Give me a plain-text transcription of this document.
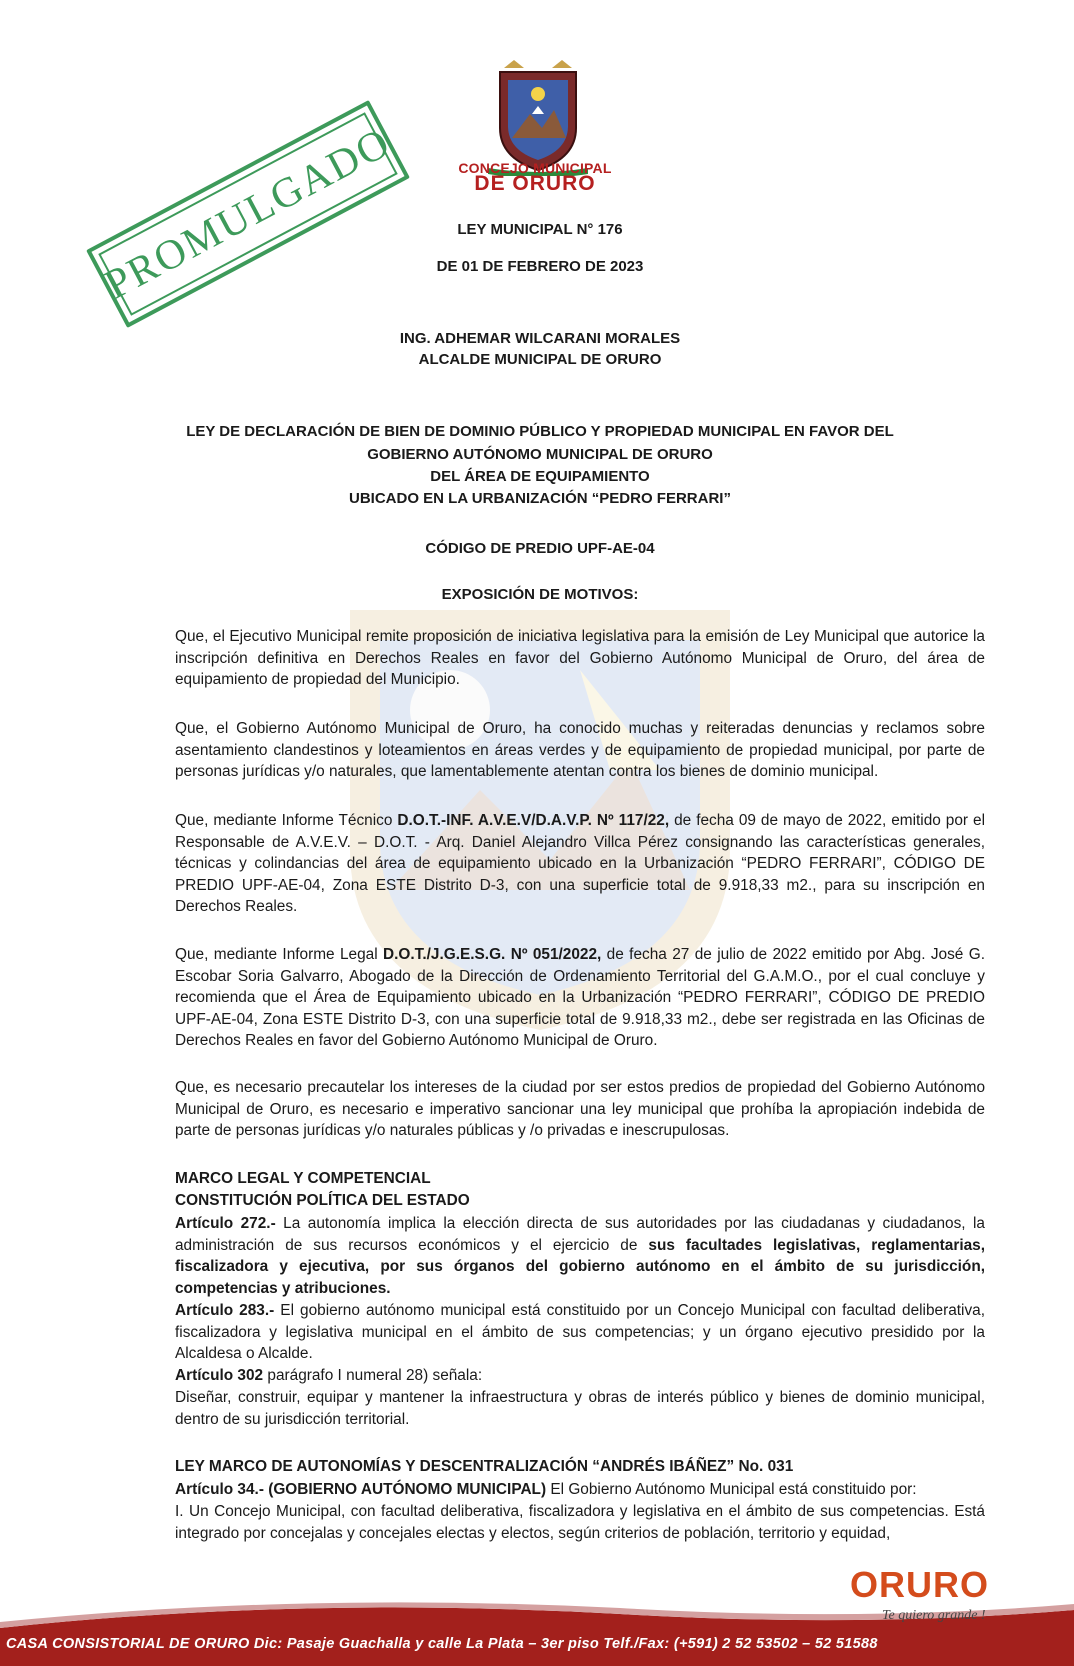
CONCEJO MUNICIPAL
DE ORURO
PROMULGADO	LEY MUNICIPAL N° 176
DE 01 DE FEBRERO DE 2023
ING. ADHEMAR WILCARANI MORALES
ALCALDE MUNICIPAL DE ORURO
LEY DE DECLARACIÓN DE BIEN DE DOMINIO PÚBLICO Y PROPIEDAD MUNICIPAL EN FAVOR DEL
GOBIERNO AUTÓNOMO MUNICIPAL DE ORURO
DEL ÁREA DE EQUIPAMIENTO
UBICADO EN LA URBANIZACIÓN “PEDRO FERRARI”
CÓDIGO DE PREDIO UPF-AE-04
EXPOSICIÓN DE MOTIVOS:
Que, el Ejecutivo Municipal remite proposición de iniciativa legislativa para la emisión de Ley Municipal que autorice la inscripción definitiva en Derechos Reales en favor del Gobierno Autónomo Municipal de Oruro, del área de equipamiento de propiedad del Municipio.
Que, el Gobierno Autónomo Municipal de Oruro, ha conocido muchas y reiteradas denuncias y reclamos sobre asentamiento clandestinos y loteamientos en áreas verdes y de equipamiento de propiedad municipal, por parte de personas jurídicas y/o naturales, que lamentablemente atentan contra los bienes de dominio municipal.
Que, mediante Informe Técnico D.O.T.-INF. A.V.E.V/D.A.V.P. Nº 117/22, de fecha 09 de mayo de 2022, emitido por el Responsable de A.V.E.V. – D.O.T. - Arq. Daniel Alejandro Villca Pérez consignando las características generales, técnicas y colindancias del área de equipamiento ubicado en la Urbanización “PEDRO FERRARI”, CÓDIGO DE PREDIO UPF-AE-04, Zona ESTE Distrito D-3, con una superficie total de 9.918,33 m2., para su inscripción en Derechos Reales.
Que, mediante Informe Legal D.O.T./J.G.E.S.G. Nº 051/2022, de fecha 27 de julio de 2022 emitido por Abg. José G. Escobar Soria Galvarro, Abogado de la Dirección de Ordenamiento Territorial del G.A.M.O., por el cual concluye y recomienda que el Área de Equipamiento ubicado en la Urbanización “PEDRO FERRARI”, CÓDIGO DE PREDIO UPF-AE-04, Zona ESTE Distrito D-3, con una superficie total de 9.918,33 m2., debe ser registrada en las Oficinas de Derechos Reales en favor del Gobierno Autónomo Municipal de Oruro.
Que, es necesario precautelar los intereses de la ciudad por ser estos predios de propiedad del Gobierno Autónomo Municipal de Oruro, es necesario e imperativo sancionar una ley municipal que prohíba la apropiación indebida de parte de personas jurídicas y/o naturales públicas y /o privadas e inescrupulosas.
MARCO LEGAL Y COMPETENCIAL
CONSTITUCIÓN POLÍTICA DEL ESTADO
Artículo 272.- La autonomía implica la elección directa de sus autoridades por las ciudadanas y ciudadanos, la administración de sus recursos económicos y el ejercicio de sus facultades legislativas, reglamentarias, fiscalizadora y ejecutiva, por sus órganos del gobierno autónomo en el ámbito de su jurisdicción, competencias y atribuciones.
Artículo 283.- El gobierno autónomo municipal está constituido por un Concejo Municipal con facultad deliberativa, fiscalizadora y legislativa municipal en el ámbito de sus competencias; y un órgano ejecutivo presidido por la Alcaldesa o Alcalde.
Artículo 302 parágrafo I numeral 28) señala:
Diseñar, construir, equipar y mantener la infraestructura y obras de interés público y bienes de dominio municipal, dentro de su jurisdicción territorial.
LEY MARCO DE AUTONOMÍAS Y DESCENTRALIZACIÓN “ANDRÉS IBÁÑEZ” No. 031
Artículo 34.- (GOBIERNO AUTÓNOMO MUNICIPAL) El Gobierno Autónomo Municipal está constituido por:
I. Un Concejo Municipal, con facultad deliberativa, fiscalizadora y legislativa en el ámbito de sus competencias. Está integrado por concejalas y concejales electas y electos, según criterios de población, territorio y equidad,
CASA CONSISTORIAL DE ORURO Dic: Pasaje Guachalla y calle La Plata – 3er piso Telf./Fax: (+591) 2 52 53502 – 52 51588
ORURO
Te quiero grande !
